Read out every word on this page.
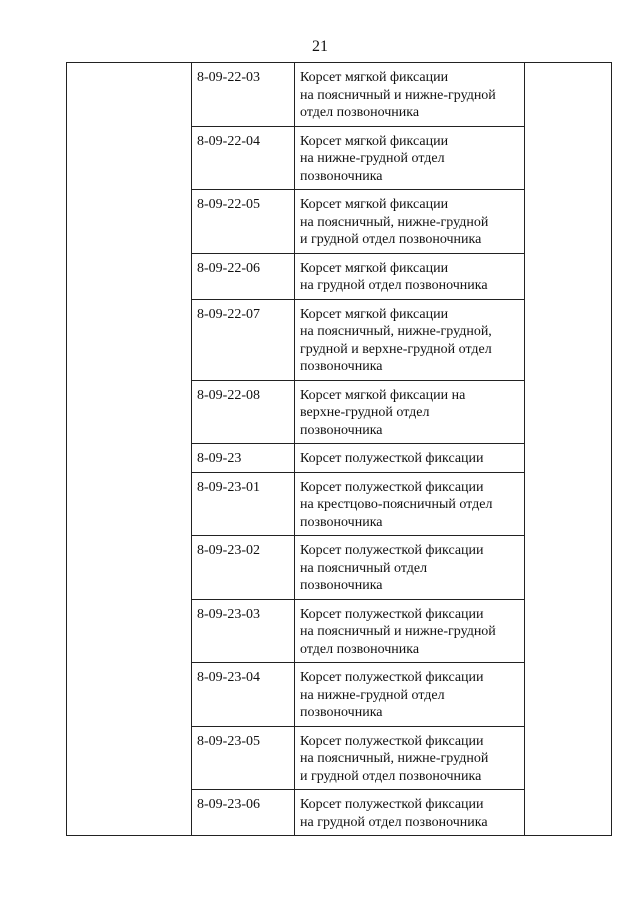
21
	8-09-22-03	Корсет мягкой фиксации
на поясничный и нижне-грудной
отдел позвоночника	

	8-09-22-04	Корсет мягкой фиксации
на нижне-грудной отдел
позвоночника	

	8-09-22-05	Корсет мягкой фиксации
на поясничный, нижне-грудной
и грудной отдел позвоночника	

	8-09-22-06	Корсет мягкой фиксации
на грудной отдел позвоночника	

	8-09-22-07	Корсет мягкой фиксации
на поясничный, нижне-грудной,
грудной и верхне-грудной отдел
позвоночника	

	8-09-22-08	Корсет мягкой фиксации на
верхне-грудной отдел
позвоночника	

	8-09-23	Корсет полужесткой фиксации	

	8-09-23-01	Корсет полужесткой фиксации
на крестцово-поясничный отдел
позвоночника	

	8-09-23-02	Корсет полужесткой фиксации
на поясничный отдел
позвоночника	

	8-09-23-03	Корсет полужесткой фиксации
на поясничный и нижне-грудной
отдел позвоночника	

	8-09-23-04	Корсет полужесткой фиксации
на нижне-грудной отдел
позвоночника	

	8-09-23-05	Корсет полужесткой фиксации
на поясничный, нижне-грудной
и грудной отдел позвоночника	

	8-09-23-06	Корсет полужесткой фиксации
на грудной отдел позвоночника	
